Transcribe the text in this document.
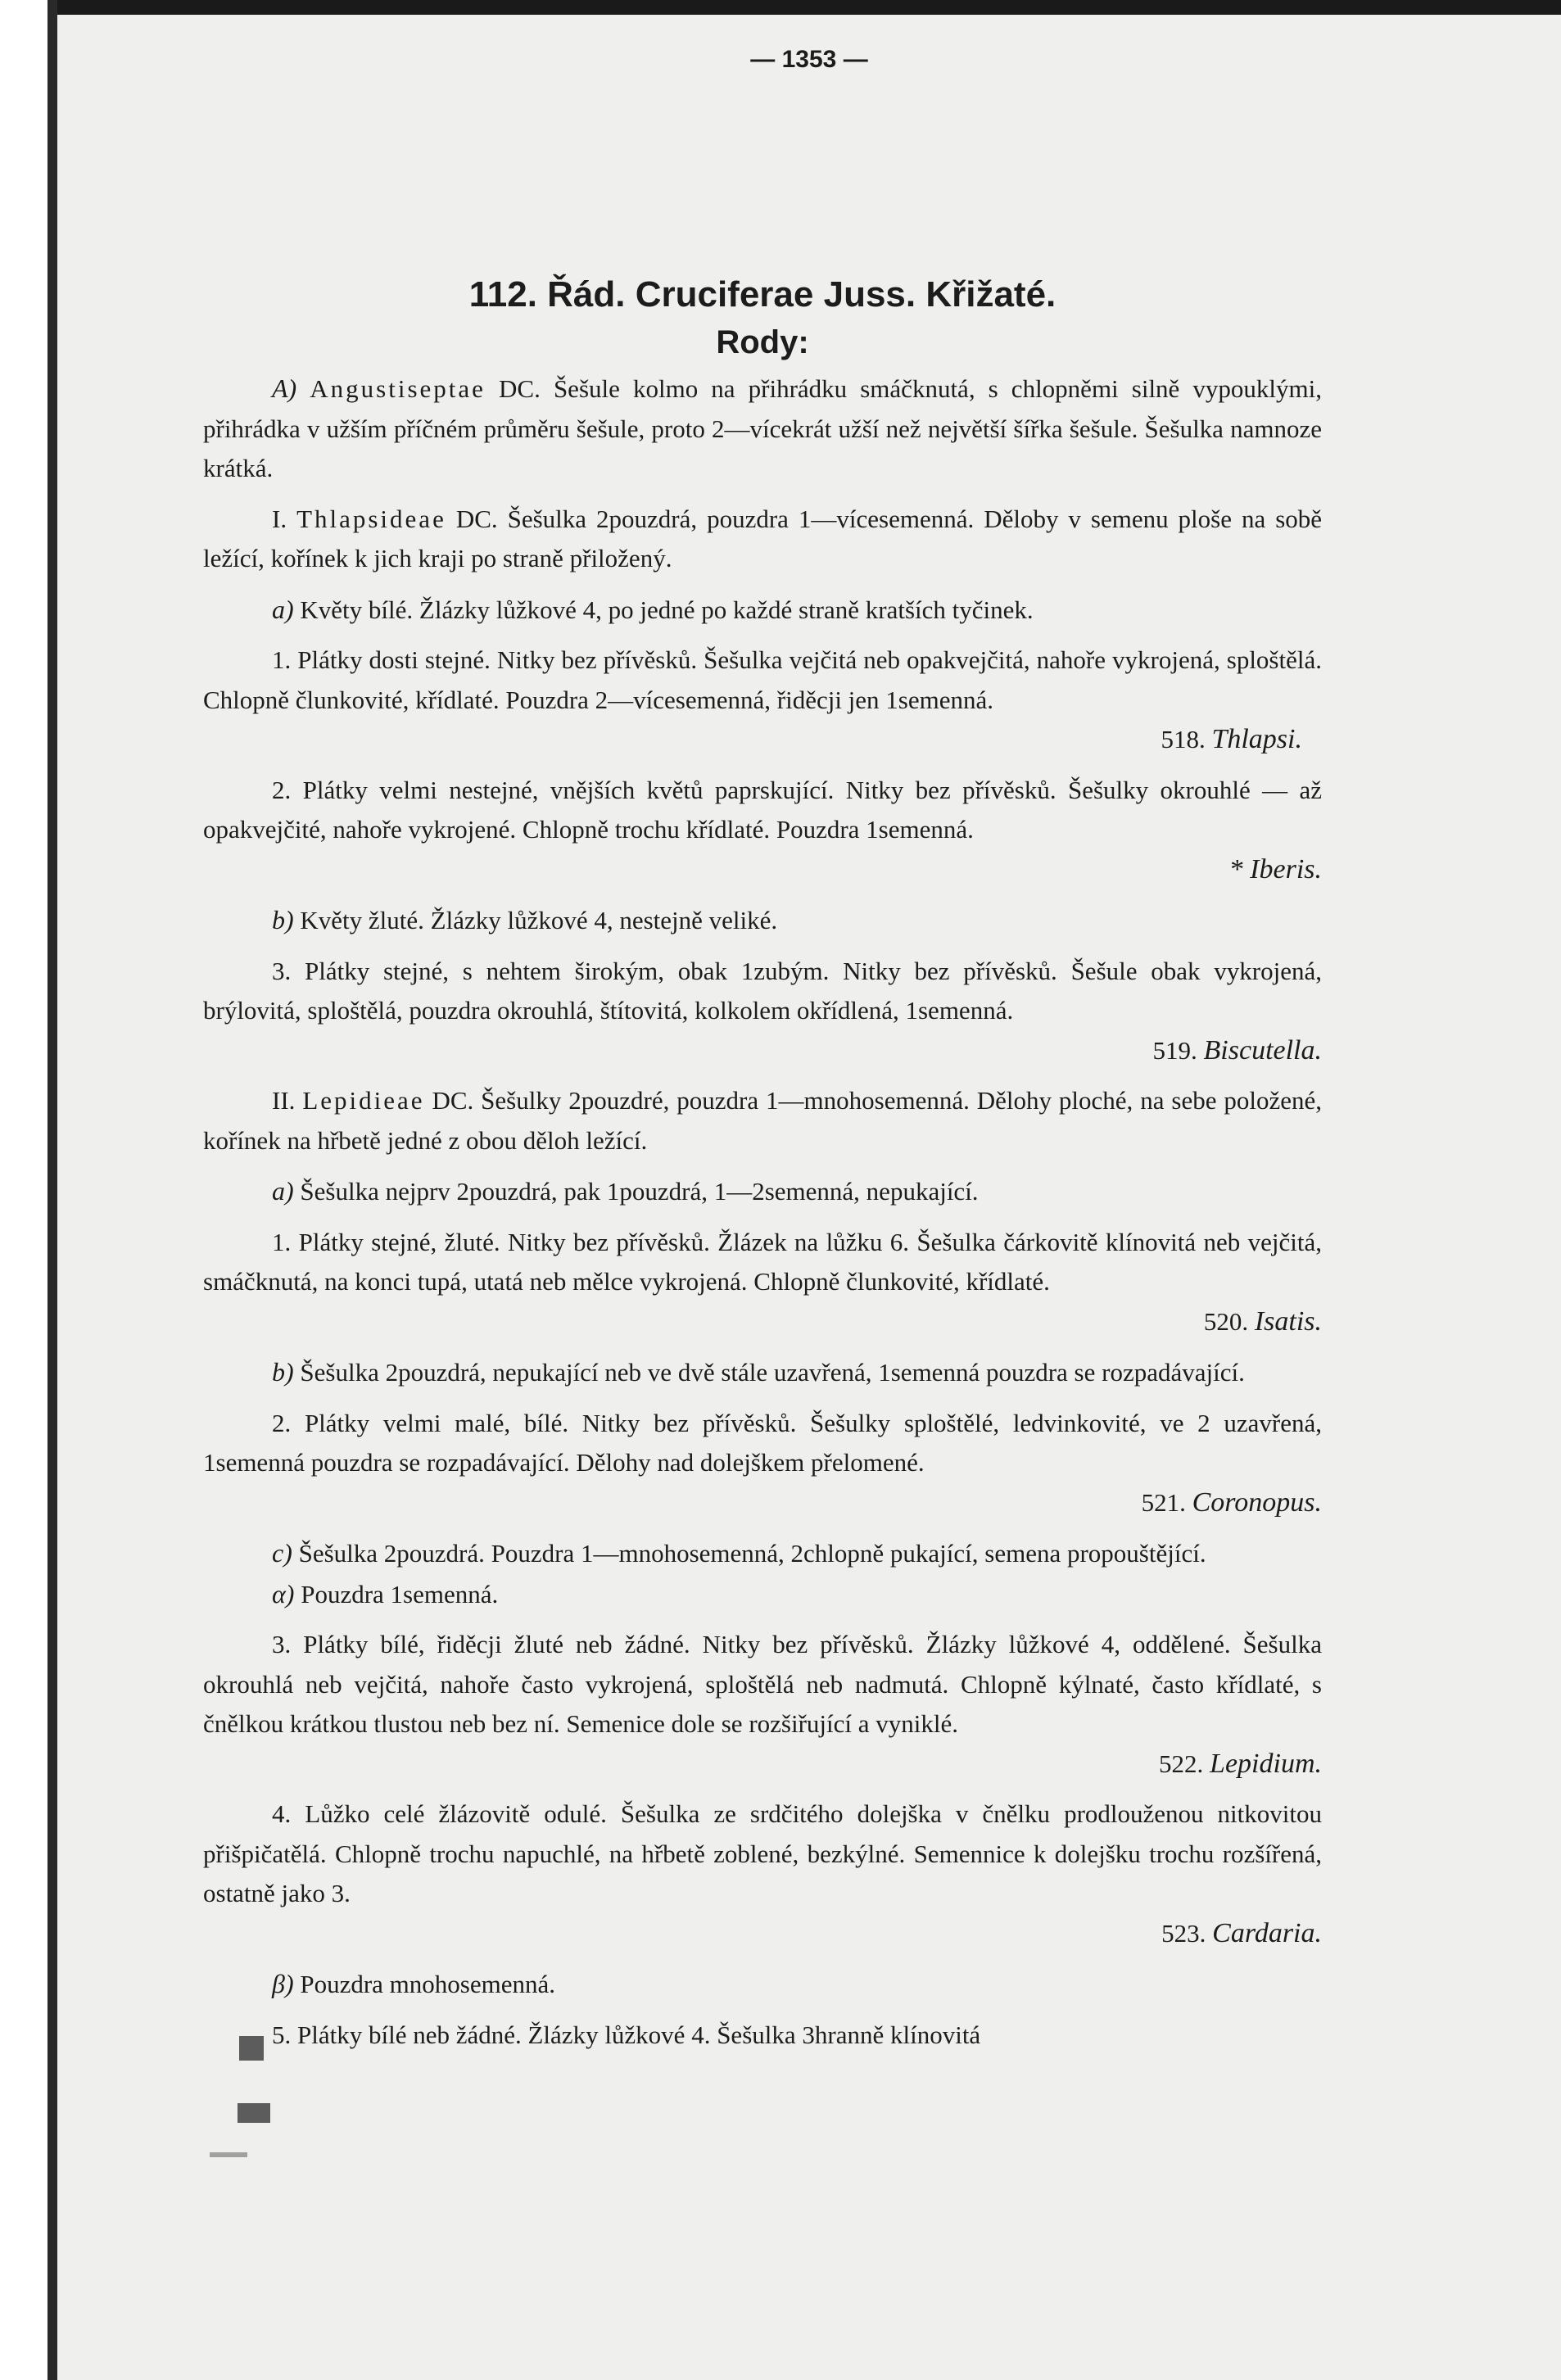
— 1353 —
112. Řád. Cruciferae Juss. Křižaté.
Rody:

A) Angustiseptae DC. Šešule kolmo na přihrádku smáčknutá, s chlopněmi silně vypouklými, přihrádka v užším příčném průměru šešule, proto 2—vícekrát užší než největší šířka šešule. Šešulka namnoze krátká.

I. Thlapsideae DC. Šešulka 2pouzdrá, pouzdra 1—vícesemenná. Děloby v semenu ploše na sobě ležící, kořínek k jich kraji po straně přiložený.

a) Květy bílé. Žlázky lůžkové 4, po jedné po každé straně kratších tyčinek.

1. Plátky dosti stejné. Nitky bez přívěsků. Šešulka vejčitá neb opakvejčitá, nahoře vykrojená, sploštělá. Chlopně člunkovité, křídlaté. Pouzdra 2—vícesemenná, řiděcji jen 1semenná.

518. Thlapsi.

2. Plátky velmi nestejné, vnějších květů paprskující. Nitky bez přívěsků. Šešulky okrouhlé — až opakvejčité, nahoře vykrojené. Chlopně trochu křídlaté. Pouzdra 1semenná.

* Iberis.

b) Květy žluté. Žlázky lůžkové 4, nestejně veliké.

3. Plátky stejné, s nehtem širokým, obak 1zubým. Nitky bez přívěsků. Šešule obak vykrojená, brýlovitá, sploštělá, pouzdra okrouhlá, štítovitá, kolkolem okřídlená, 1semenná.

519. Biscutella.

II. Lepidieae DC. Šešulky 2pouzdré, pouzdra 1—mnohosemenná. Dělohy ploché, na sebe položené, kořínek na hřbetě jedné z obou děloh ležící.

a) Šešulka nejprv 2pouzdrá, pak 1pouzdrá, 1—2semenná, nepukající.

1. Plátky stejné, žluté. Nitky bez přívěsků. Žlázek na lůžku 6. Šešulka čárkovitě klínovitá neb vejčitá, smáčknutá, na konci tupá, utatá neb mělce vykrojená. Chlopně člunkovité, křídlaté.

520. Isatis.

b) Šešulka 2pouzdrá, nepukající neb ve dvě stále uzavřená, 1semenná pouzdra se rozpadávající.

2. Plátky velmi malé, bílé. Nitky bez přívěsků. Šešulky sploštělé, ledvinkovité, ve 2 uzavřená, 1semenná pouzdra se rozpadávající. Dělohy nad dolejškem přelomené.

521. Coronopus.

c) Šešulka 2pouzdrá. Pouzdra 1—mnohosemenná, 2chlopně pukající, semena propouštějící.

α) Pouzdra 1semenná.

3. Plátky bílé, řiděcji žluté neb žádné. Nitky bez přívěsků. Žlázky lůžkové 4, oddělené. Šešulka okrouhlá neb vejčitá, nahoře často vykrojená, sploštělá neb nadmutá. Chlopně kýlnaté, často křídlaté, s čnělkou krátkou tlustou neb bez ní. Semenice dole se rozšiřující a vyniklé.

522. Lepidium.

4. Lůžko celé žlázovitě odulé. Šešulka ze srdčitého dolejška v čnělku prodlouženou nitkovitou přišpičatělá. Chlopně trochu napuchlé, na hřbetě zoblené, bezkýlné. Semennice k dolejšku trochu rozšířená, ostatně jako 3.

523. Cardaria.

β) Pouzdra mnohosemenná.

5. Plátky bílé neb žádné. Žlázky lůžkové 4. Šešulka 3hranně klínovitá
